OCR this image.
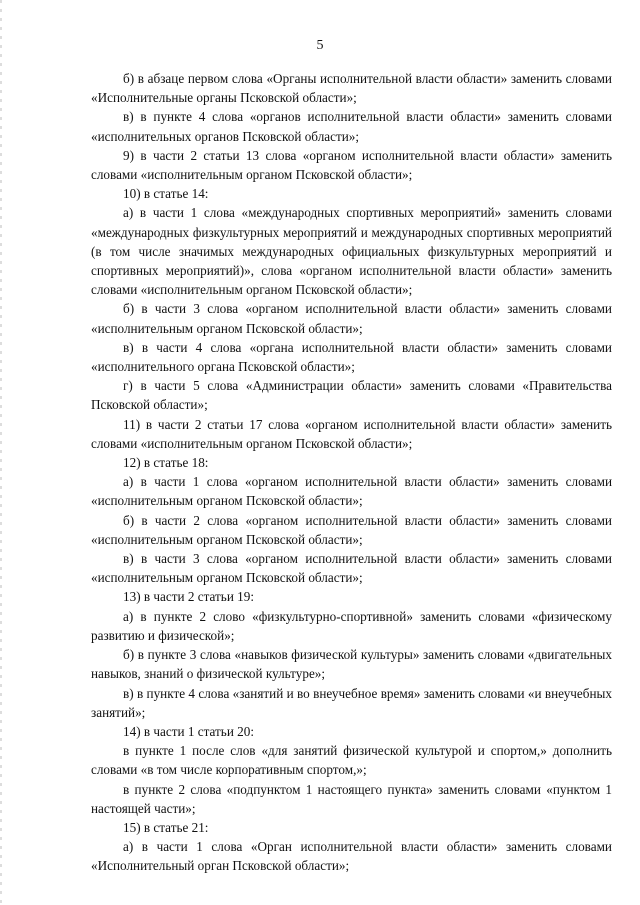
5

б) в абзаце первом слова «Органы исполнительной власти области» заменить словами «Исполнительные органы Псковской области»;

в) в пункте 4 слова «органов исполнительной власти области» заменить словами «исполнительных органов Псковской области»;

9) в части 2 статьи 13 слова «органом исполнительной власти области» заменить словами «исполнительным органом Псковской области»;

10) в статье 14:

а) в части 1 слова «международных спортивных мероприятий» заменить словами «международных физкультурных мероприятий и международных спортивных мероприятий (в том числе значимых международных официальных физкультурных мероприятий и спортивных мероприятий)», слова «органом исполнительной власти области» заменить словами «исполнительным органом Псковской области»;

б) в части 3 слова «органом исполнительной власти области» заменить словами «исполнительным органом Псковской области»;

в) в части 4 слова «органа исполнительной власти области» заменить словами «исполнительного органа Псковской области»;

г) в части 5 слова «Администрации области» заменить словами «Правительства Псковской области»;

11) в части 2 статьи 17 слова «органом исполнительной власти области» заменить словами «исполнительным органом Псковской области»;

12) в статье 18:

а) в части 1 слова «органом исполнительной власти области» заменить словами «исполнительным органом Псковской области»;

б) в части 2 слова «органом исполнительной власти области» заменить словами «исполнительным органом Псковской области»;

в) в части 3 слова «органом исполнительной власти области» заменить словами «исполнительным органом Псковской области»;

13) в части 2 статьи 19:

а) в пункте 2 слово «физкультурно-спортивной» заменить словами «физическому развитию и физической»;

б) в пункте 3 слова «навыков физической культуры» заменить словами «двигательных навыков, знаний о физической культуре»;

в) в пункте 4 слова «занятий и во внеучебное время» заменить словами «и внеучебных занятий»;

14) в части 1 статьи 20:

в пункте 1 после слов «для занятий физической культурой и спортом,» дополнить словами «в том числе корпоративным спортом,»;

в пункте 2 слова «подпунктом 1 настоящего пункта» заменить словами «пунктом 1 настоящей части»;

15) в статье 21:

а) в части 1 слова «Орган исполнительной власти области» заменить словами «Исполнительный орган Псковской области»;
